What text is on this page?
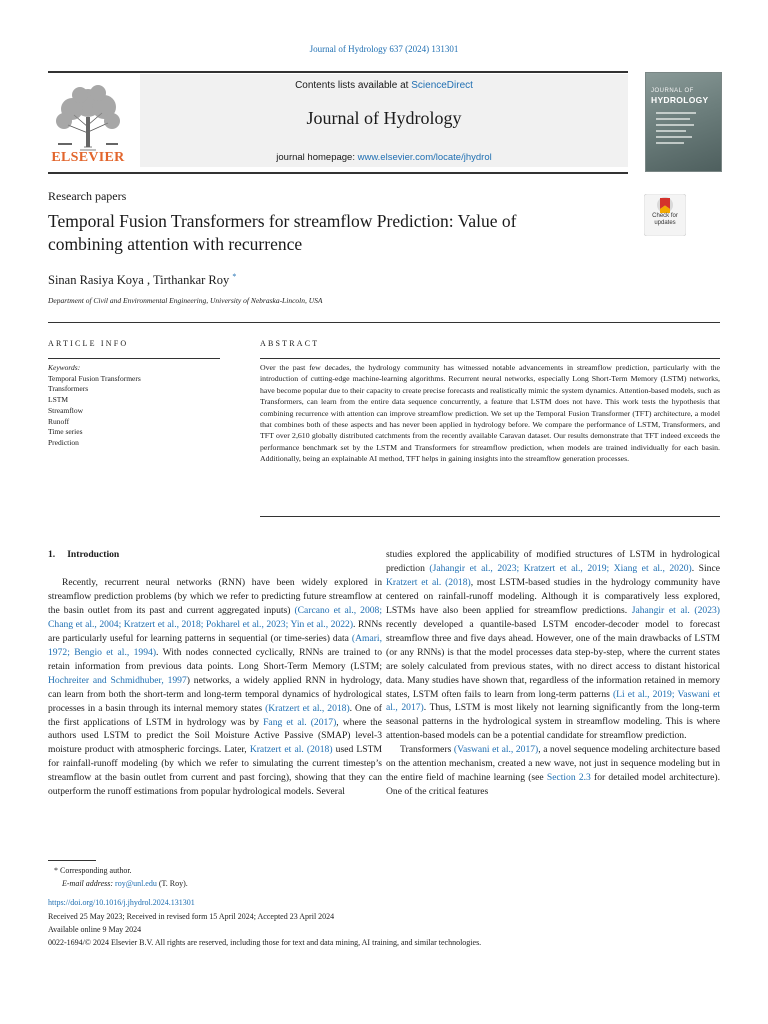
Journal of Hydrology 637 (2024) 131301
ELSEVIER
Contents lists available at ScienceDirect
Journal of Hydrology
journal homepage: www.elsevier.com/locate/jhydrol
JOURNAL OF
HYDROLOGY
Research papers
Temporal Fusion Transformers for streamflow Prediction: Value of
combining attention with recurrence
Sinan Rasiya Koya , Tirthankar Roy *
Department of Civil and Environmental Engineering, University of Nebraska-Lincoln, USA
Check for updates
ARTICLE INFO
Keywords:
Temporal Fusion Transformers
Transformers
LSTM
Streamflow
Runoff
Time series
Prediction
ABSTRACT
Over the past few decades, the hydrology community has witnessed notable advancements in streamflow prediction, particularly with the introduction of cutting-edge machine-learning algorithms. Recurrent neural networks, especially Long Short-Term Memory (LSTM) networks, have become popular due to their capacity to create precise forecasts and realistically mimic the system dynamics. Attention-based models, such as Transformers, can learn from the entire data sequence concurrently, a feature that LSTM does not have. This work tests the hypothesis that combining recurrence with attention can improve streamflow prediction. We set up the Temporal Fusion Transformer (TFT) architecture, a model that combines both of these aspects and has never been applied in hydrology before. We compare the performance of LSTM, Transformers, and TFT over 2,610 globally distributed catchments from the recently available Caravan dataset. Our results demonstrate that TFT indeed exceeds the performance benchmark set by the LSTM and Transformers for streamflow prediction, when models are trained individually for each basin. Additionally, being an explainable AI method, TFT helps in gaining insights into the streamflow generation processes.
1. Introduction

Recently, recurrent neural networks (RNN) have been widely explored in streamflow prediction problems (by which we refer to predicting future streamflow at the basin outlet from its past and current aggregated inputs) (Carcano et al., 2008; Chang et al., 2004; Kratzert et al., 2018; Pokharel et al., 2023; Yin et al., 2022). RNNs are particularly useful for learning patterns in sequential (or time-series) data (Amari, 1972; Bengio et al., 1994). With nodes connected cyclically, RNNs are trained to retain information from previous data points. Long Short-Term Memory (LSTM; Hochreiter and Schmidhuber, 1997) networks, a widely applied RNN in hydrology, can learn from both the short-term and long-term temporal dynamics of hydrological processes in a basin through its internal memory states (Kratzert et al., 2018). One of the first applications of LSTM in hydrology was by Fang et al. (2017), where the authors used LSTM to predict the Soil Moisture Active Passive (SMAP) level-3 moisture product with atmospheric forcings. Later, Kratzert et al. (2018) used LSTM for rainfall-runoff modeling (by which we refer to simulating the current timestep’s streamflow at the basin outlet from current and past forcing), showing that they can outperform the runoff estimations from popular hydrological models. Several

studies explored the applicability of modified structures of LSTM in hydrological prediction (Jahangir et al., 2023; Kratzert et al., 2019; Xiang et al., 2020). Since Kratzert et al. (2018), most LSTM-based studies in the hydrology community have centered on rainfall-runoff modeling. Although it is comparatively less explored, LSTMs have also been applied for streamflow predictions. Jahangir et al. (2023) recently developed a quantile-based LSTM encoder-decoder model to forecast streamflow three and five days ahead. However, one of the main drawbacks of LSTM (or any RNNs) is that the model processes data step-by-step, where the current states are solely calculated from previous states, with no direct access to distant historical data. Many studies have shown that, regardless of the information retained in memory states, LSTM often fails to learn from long-term patterns (Li et al., 2019; Vaswani et al., 2017). Thus, LSTM is most likely not learning significantly from the long-term seasonal patterns in the hydrological system in streamflow modeling. This is where attention-based models can be a potential candidate for streamflow prediction.

Transformers (Vaswani et al., 2017), a novel sequence modeling architecture based on the attention mechanism, created a new wave, not just in sequence modeling but in the entire field of machine learning (see Section 2.3 for detailed model architecture). One of the critical features

* Corresponding author.
E-mail address: roy@unl.edu (T. Roy).
https://doi.org/10.1016/j.jhydrol.2024.131301
Received 25 May 2023; Received in revised form 15 April 2024; Accepted 23 April 2024
Available online 9 May 2024
0022-1694/© 2024 Elsevier B.V. All rights are reserved, including those for text and data mining, AI training, and similar technologies.
